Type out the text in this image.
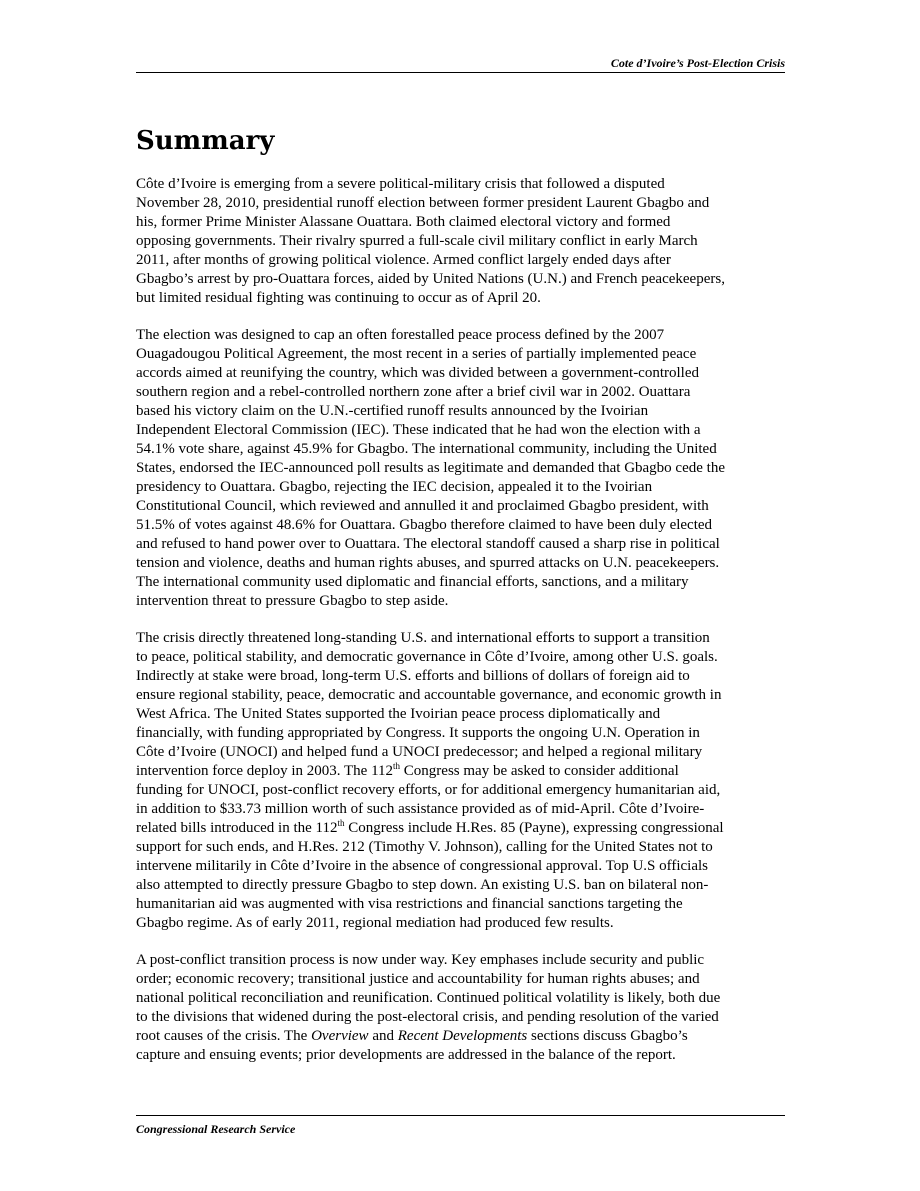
Cote d’Ivoire’s Post-Election Crisis
Summary

Côte d’Ivoire is emerging from a severe political-military crisis that followed a disputed
November 28, 2010, presidential runoff election between former president Laurent Gbagbo and
his, former Prime Minister Alassane Ouattara. Both claimed electoral victory and formed
opposing governments. Their rivalry spurred a full-scale civil military conflict in early March
2011, after months of growing political violence. Armed conflict largely ended days after
Gbagbo’s arrest by pro-Ouattara forces, aided by United Nations (U.N.) and French peacekeepers,
but limited residual fighting was continuing to occur as of April 20.

The election was designed to cap an often forestalled peace process defined by the 2007
Ouagadougou Political Agreement, the most recent in a series of partially implemented peace
accords aimed at reunifying the country, which was divided between a government-controlled
southern region and a rebel-controlled northern zone after a brief civil war in 2002. Ouattara
based his victory claim on the U.N.-certified runoff results announced by the Ivoirian
Independent Electoral Commission (IEC). These indicated that he had won the election with a
54.1% vote share, against 45.9% for Gbagbo. The international community, including the United
States, endorsed the IEC-announced poll results as legitimate and demanded that Gbagbo cede the
presidency to Ouattara. Gbagbo, rejecting the IEC decision, appealed it to the Ivoirian
Constitutional Council, which reviewed and annulled it and proclaimed Gbagbo president, with
51.5% of votes against 48.6% for Ouattara. Gbagbo therefore claimed to have been duly elected
and refused to hand power over to Ouattara. The electoral standoff caused a sharp rise in political
tension and violence, deaths and human rights abuses, and spurred attacks on U.N. peacekeepers.
The international community used diplomatic and financial efforts, sanctions, and a military
intervention threat to pressure Gbagbo to step aside.

The crisis directly threatened long-standing U.S. and international efforts to support a transition
to peace, political stability, and democratic governance in Côte d’Ivoire, among other U.S. goals.
Indirectly at stake were broad, long-term U.S. efforts and billions of dollars of foreign aid to
ensure regional stability, peace, democratic and accountable governance, and economic growth in
West Africa. The United States supported the Ivoirian peace process diplomatically and
financially, with funding appropriated by Congress. It supports the ongoing U.N. Operation in
Côte d’Ivoire (UNOCI) and helped fund a UNOCI predecessor; and helped a regional military
intervention force deploy in 2003. The 112th Congress may be asked to consider additional
funding for UNOCI, post-conflict recovery efforts, or for additional emergency humanitarian aid,
in addition to $33.73 million worth of such assistance provided as of mid-April. Côte d’Ivoire-
related bills introduced in the 112th Congress include H.Res. 85 (Payne), expressing congressional
support for such ends, and H.Res. 212 (Timothy V. Johnson), calling for the United States not to
intervene militarily in Côte d’Ivoire in the absence of congressional approval. Top U.S officials
also attempted to directly pressure Gbagbo to step down. An existing U.S. ban on bilateral non-
humanitarian aid was augmented with visa restrictions and financial sanctions targeting the
Gbagbo regime. As of early 2011, regional mediation had produced few results.

A post-conflict transition process is now under way. Key emphases include security and public
order; economic recovery; transitional justice and accountability for human rights abuses; and
national political reconciliation and reunification. Continued political volatility is likely, both due
to the divisions that widened during the post-electoral crisis, and pending resolution of the varied
root causes of the crisis. The Overview and Recent Developments sections discuss Gbagbo’s
capture and ensuing events; prior developments are addressed in the balance of the report.

Congressional Research Service
